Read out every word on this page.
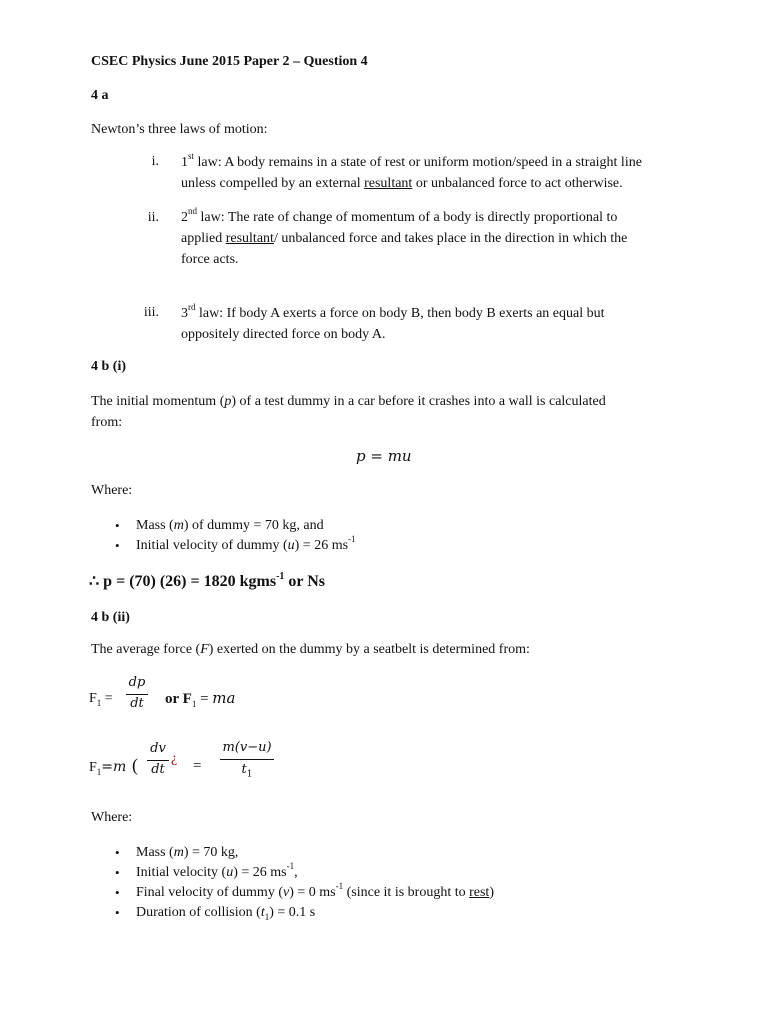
CSEC Physics June 2015 Paper 2 – Question 4
4 a
Newton’s three laws of motion:
i. 1st law: A body remains in a state of rest or uniform motion/speed in a straight line
unless compelled by an external resultant or unbalanced force to act otherwise.
ii. 2nd law: The rate of change of momentum of a body is directly proportional to
applied resultant/ unbalanced force and takes place in the direction in which the
force acts.
iii. 3rd law: If body A exerts a force on body B, then body B exerts an equal but
oppositely directed force on body A.
4 b (i)
The initial momentum (p) of a test dummy in a car before it crashes into a wall is calculated
from:
p = mu
Where:
• Mass (m) of dummy = 70 kg, and
• Initial velocity of dummy (u) = 26 $ms^{-1}$
∴ p = (70) (26) = 1820 kgms$^{-1}$ or Ns
4 b (ii)
The average force (F) exerted on the dummy by a seatbelt is determined from:
$F_1$ =
dp
dt or $F_1$ = ma
$F_1=m$ (
dv
dt
¿ =
m(v−u)
$t_1$
Where:
• Mass (m) = 70 kg,
• Initial velocity (u) = 26 $ms^{-1}$,
• Final velocity of dummy (v) = 0 $ms^{-1}$ (since it is brought to rest)
• Duration of collision $(t_1) = 0.1$ s
